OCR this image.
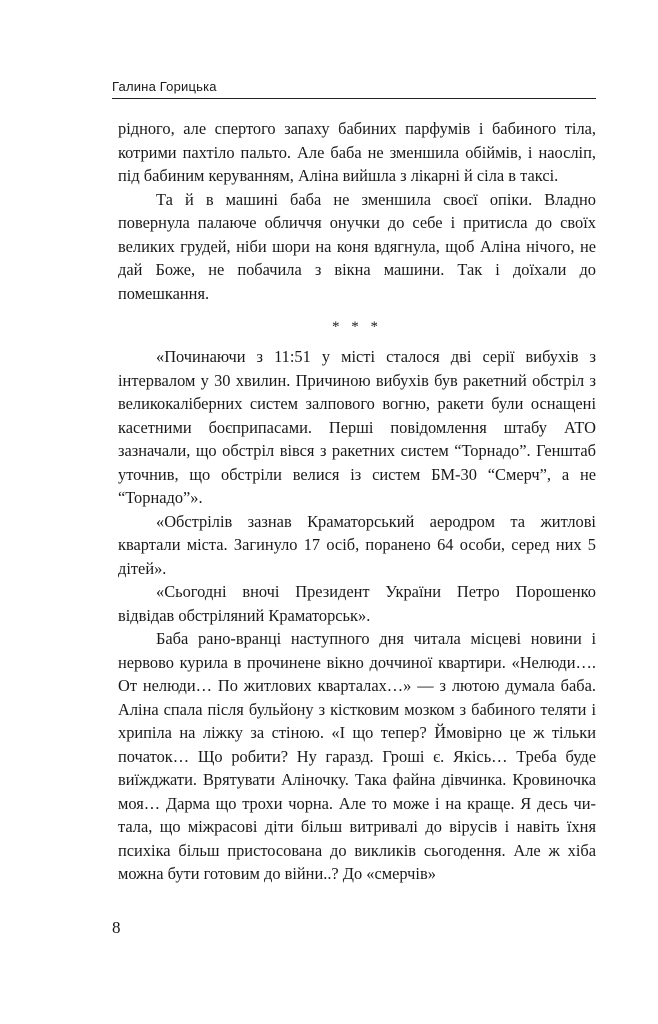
Галина Горицька

рідного, але спертого запаху бабиних парфумів і бабиного тіла, котрими пахтіло пальто. Але баба не зменшила обіймів, і наосліп, під бабиним керуванням, Аліна вийшла з лікарні й сіла в таксі.

Та й в машині баба не зменшила своєї опіки. Владно повернула палаюче обличчя онучки до себе і притисла до своїх великих грудей, ніби шори на коня вдягнула, щоб Аліна нічого, не дай Боже, не побачила з вікна машини. Так і доїхали до помешкання.

* * *

«Починаючи з 11:51 у місті сталося дві серії вибухів з інтервалом у 30 хвилин. Причиною вибухів був ракетний обстріл з великокаліберних систем залпового вогню, ракети були оснащені касетними боєприпасами. Перші повідомлення штабу АТО зазначали, що обстріл вівся з ракетних систем “Торнадо”. Генштаб уточнив, що обстріли велися із систем БМ-30 “Смерч”, а не “Торнадо”».

«Обстрілів зазнав Краматорський аеродром та житлові квартали міста. Загинуло 17 осіб, поранено 64 особи, серед них 5 дітей».

«Сьогодні вночі Президент України Петро Порошенко відвідав обстріляний Краматорськ».

Баба рано-вранці наступного дня читала місцеві новини і нервово курила в прочинене вікно доччиної квартири. «Нелюди…. От нелюди… По житлових кварталах…» — з лютою думала баба. Аліна спала після бульйону з кістковим мозком з бабиного теляти і хрипіла на ліжку за стіною. «І що тепер? Ймовірно це ж тільки початок… Що робити? Ну гаразд. Гроші є. Якісь… Треба буде виїжджати. Врятувати Аліночку. Така файна дівчинка. Кровиночка моя… Дарма що трохи чорна. Але то може і на краще. Я десь читала, що міжрасові діти більш витривалі до вірусів і навіть їхня психіка більш пристосована до викликів сьогодення. Але ж хіба можна бути готовим до війни..? До «смерчів»

8
